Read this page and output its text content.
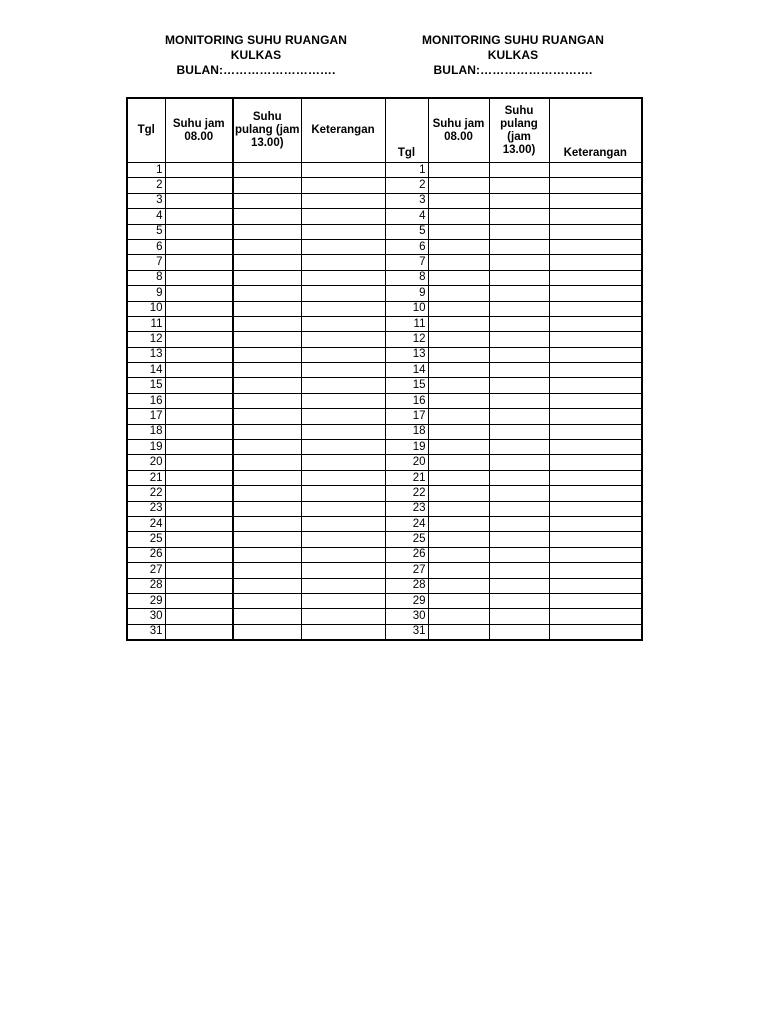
MONITORING SUHU RUANGAN
KULKAS
BULAN:……………………….
MONITORING SUHU RUANGAN
KULKAS
BULAN:……………………….
Tgl	Suhu jam 08.00	Suhu pulang (jam 13.00)	Keterangan	Tgl	Suhu jam 08.00	Suhu pulang (jam 13.00)	Keterangan
1				1			
2				2			
3				3			
4				4			
5				5			
6				6			
7				7			
8				8			
9				9			
10				10			
11				11			
12				12			
13				13			
14				14			
15				15			
16				16			
17				17			
18				18			
19				19			
20				20			
21				21			
22				22			
23				23			
24				24			
25				25			
26				26			
27				27			
28				28			
29				29			
30				30			
31				31			
